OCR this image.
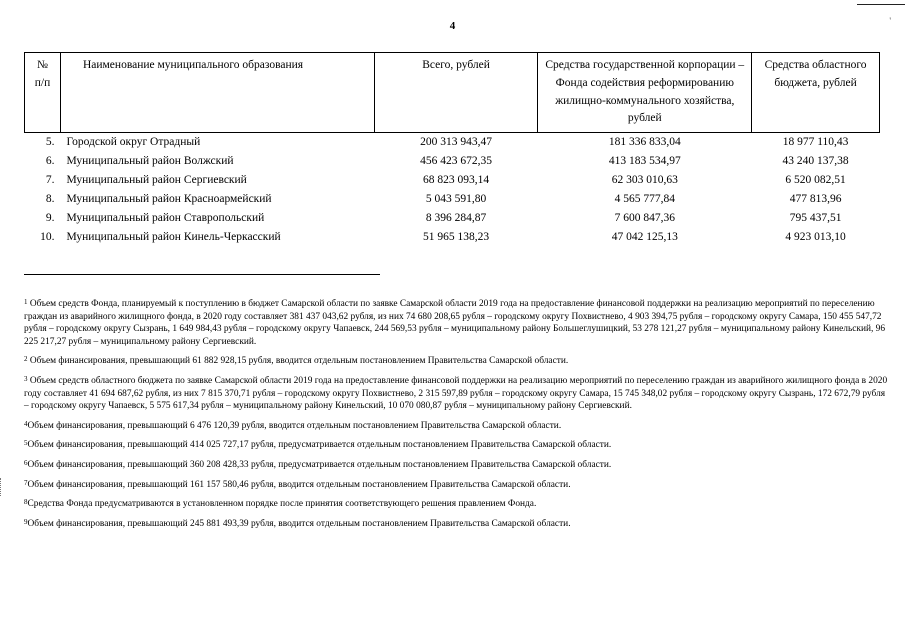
'
4
№ п/п	Наименование муниципального образования	Всего, рублей	Средства государственной корпорации – Фонда содействия реформированию жилищно-коммунального хозяйства, рублей	Средства областного бюджета, рублей
5.	Городской округ Отрадный	200 313 943,47	181 336 833,04	18 977 110,43
6.	Муниципальный район Волжский	456 423 672,35	413 183 534,97	43 240 137,38
7.	Муниципальный район Сергиевский	68 823 093,14	62 303 010,63	6 520 082,51
8.	Муниципальный район Красноармейский	5 043 591,80	4 565 777,84	477 813,96
9.	Муниципальный район Ставропольский	8 396 284,87	7 600 847,36	795 437,51
10.	Муниципальный район Кинель-Черкасский	51 965 138,23	47 042 125,13	4 923 013,10

$^1$ Объем средств Фонда, планируемый к поступлению в бюджет Самарской области по заявке Самарской области 2019 года на предоставление финансовой поддержки на реализацию мероприятий по переселению граждан из аварийного жилищного фонда, в 2020 году составляет 381 437 043,62 рубля, из них 74 680 208,65 рубля – городскому округу Похвистнево, 4 903 394,75 рубля – городскому округу Самара, 150 455 547,72 рубля – городскому округу Сызрань, 1 649 984,43 рубля – городскому округу Чапаевск, 244 569,53 рубля – муниципальному району Большеглушицкий, 53 278 121,27 рубля – муниципальному району Кинельский, 96 225 217,27 рубля – муниципальному району Сергиевский.

$^2$ Объем финансирования, превышающий 61 882 928,15 рубля, вводится отдельным постановлением Правительства Самарской области.

$^3$ Объем средств областного бюджета по заявке Самарской области 2019 года на предоставление финансовой поддержки на реализацию мероприятий по переселению граждан из аварийного жилищного фонда в 2020 году составляет 41 694 687,62 рубля, из них 7 815 370,71 рубля – городскому округу Похвистнево, 2 315 597,89 рубля – городскому округу Самара, 15 745 348,02 рубля – городскому округу Сызрань, 172 672,79 рубля – городскому округу Чапаевск, 5 575 617,34 рубля – муниципальному району Кинельский, 10 070 080,87 рубля – муниципальному району Сергиевский.

$^4$Объем финансирования, превышающий 6 476 120,39 рубля, вводится отдельным постановлением Правительства Самарской области.

$^5$Объем финансирования, превышающий 414 025 727,17 рубля, предусматривается отдельным постановлением Правительства Самарской области.

$^6$Объем финансирования, превышающий 360 208 428,33 рубля, предусматривается отдельным постановлением Правительства Самарской области.

$^7$Объем финансирования, превышающий 161 157 580,46 рубля, вводится отдельным постановлением Правительства Самарской области.

$^8$Средства Фонда предусматриваются в установленном порядке после принятия соответствующего решения правлением Фонда.

$^9$Объем финансирования, превышающий 245 881 493,39 рубля, вводится отдельным постановлением Правительства Самарской области.
